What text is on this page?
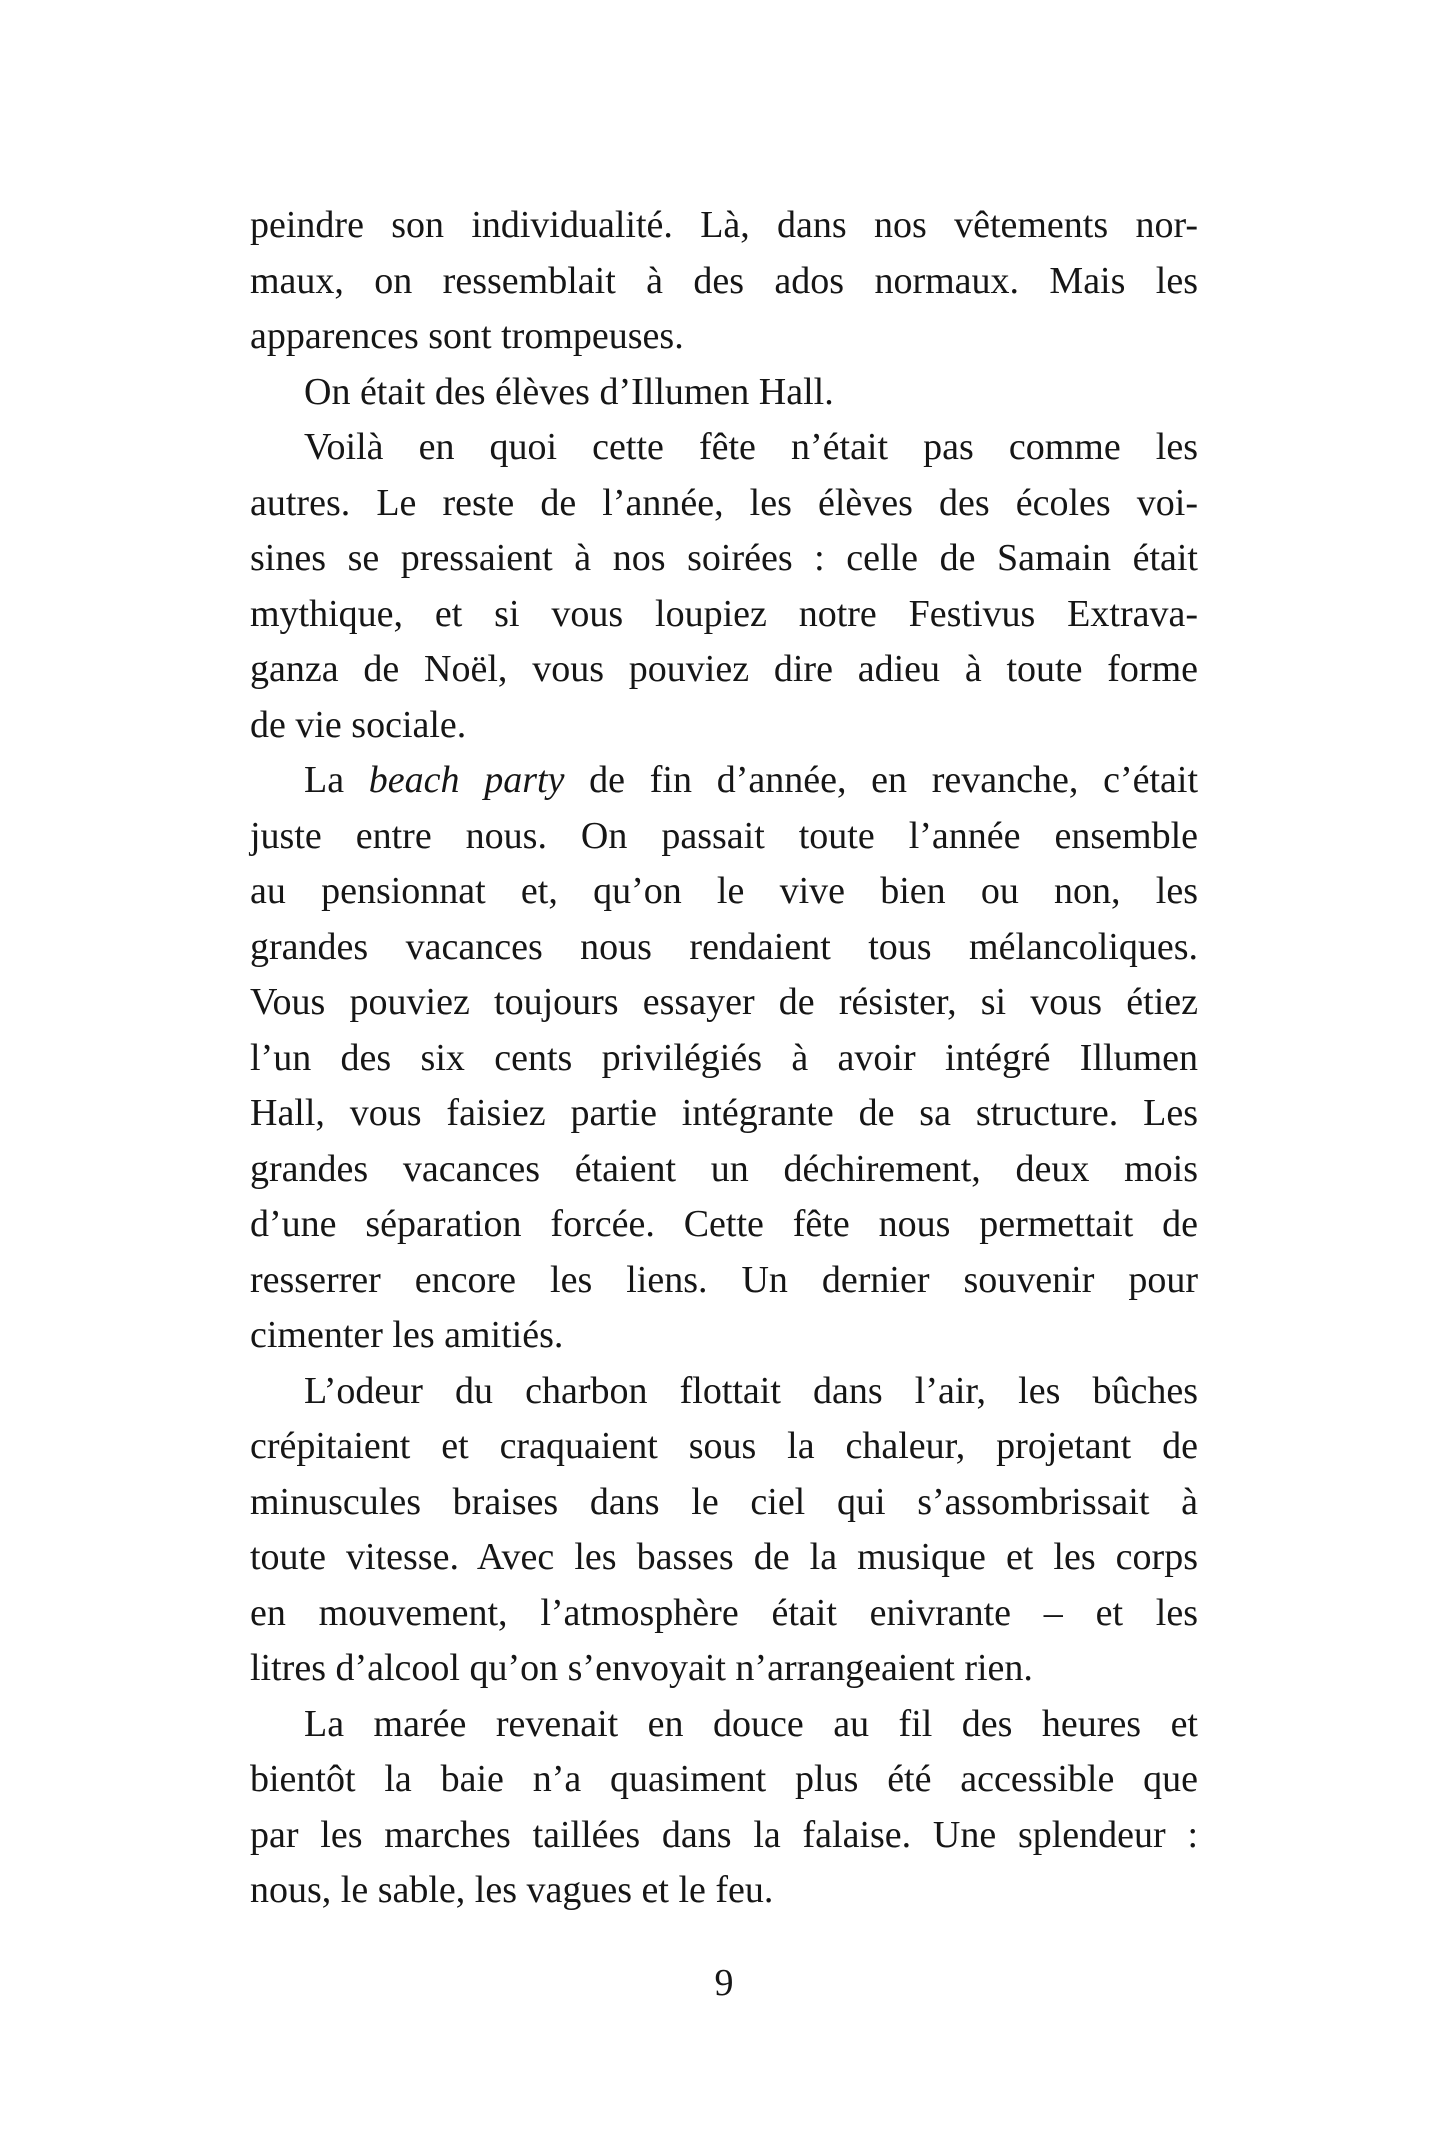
peindre son individualité. Là, dans nos vêtements nor-
maux, on ressemblait à des ados normaux. Mais les
apparences sont trompeuses.
On était des élèves d’Illumen Hall.
Voilà en quoi cette fête n’était pas comme les
autres. Le reste de l’année, les élèves des écoles voi-
sines se pressaient à nos soirées : celle de Samain était
mythique, et si vous loupiez notre Festivus Extrava-
ganza de Noël, vous pouviez dire adieu à toute forme
de vie sociale.
La beach party de fin d’année, en revanche, c’était
juste entre nous. On passait toute l’année ensemble
au pensionnat et, qu’on le vive bien ou non, les
grandes vacances nous rendaient tous mélancoliques.
Vous pouviez toujours essayer de résister, si vous étiez
l’un des six cents privilégiés à avoir intégré Illumen
Hall, vous faisiez partie intégrante de sa structure. Les
grandes vacances étaient un déchirement, deux mois
d’une séparation forcée. Cette fête nous permettait de
resserrer encore les liens. Un dernier souvenir pour
cimenter les amitiés.
L’odeur du charbon flottait dans l’air, les bûches
crépitaient et craquaient sous la chaleur, projetant de
minuscules braises dans le ciel qui s’assombrissait à
toute vitesse. Avec les basses de la musique et les corps
en mouvement, l’atmosphère était enivrante – et les
litres d’alcool qu’on s’envoyait n’arrangeaient rien.
La marée revenait en douce au fil des heures et
bientôt la baie n’a quasiment plus été accessible que
par les marches taillées dans la falaise. Une splendeur :
nous, le sable, les vagues et le feu.
9
